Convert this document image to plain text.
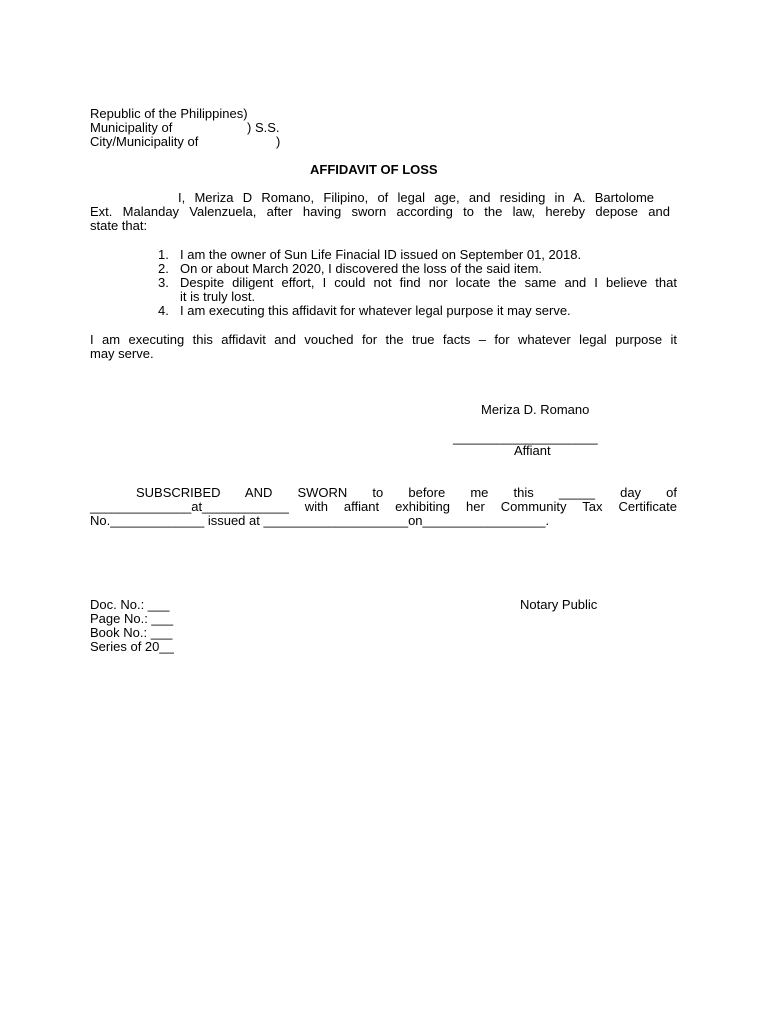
Republic of the Philippines)
Municipality of	) S.S.
City/Municipality of	)
AFFIDAVIT OF LOSS
I, Meriza D Romano, Filipino, of legal age, and residing in A. Bartolome
Ext. Malanday Valenzuela, after having sworn according to the law, hereby depose and
state that:
1. I am the owner of Sun Life Finacial ID issued on September 01, 2018.
2. On or about March 2020, I discovered the loss of the said item.
3. Despite diligent effort, I could not find nor locate the same and I believe that
it is truly lost.
4. I am executing this affidavit for whatever legal purpose it may serve.
I am executing this affidavit and vouched for the true facts – for whatever legal purpose it
may serve.
Meriza D. Romano
____________________
Affiant
SUBSCRIBED AND SWORN to before me this _____ day of
______________at____________ with affiant exhibiting her Community Tax Certificate
No._____________ issued at ____________________on_________________.
Doc. No.: ___
Page No.: ___
Book No.: ___
Series of 20__
Notary Public
